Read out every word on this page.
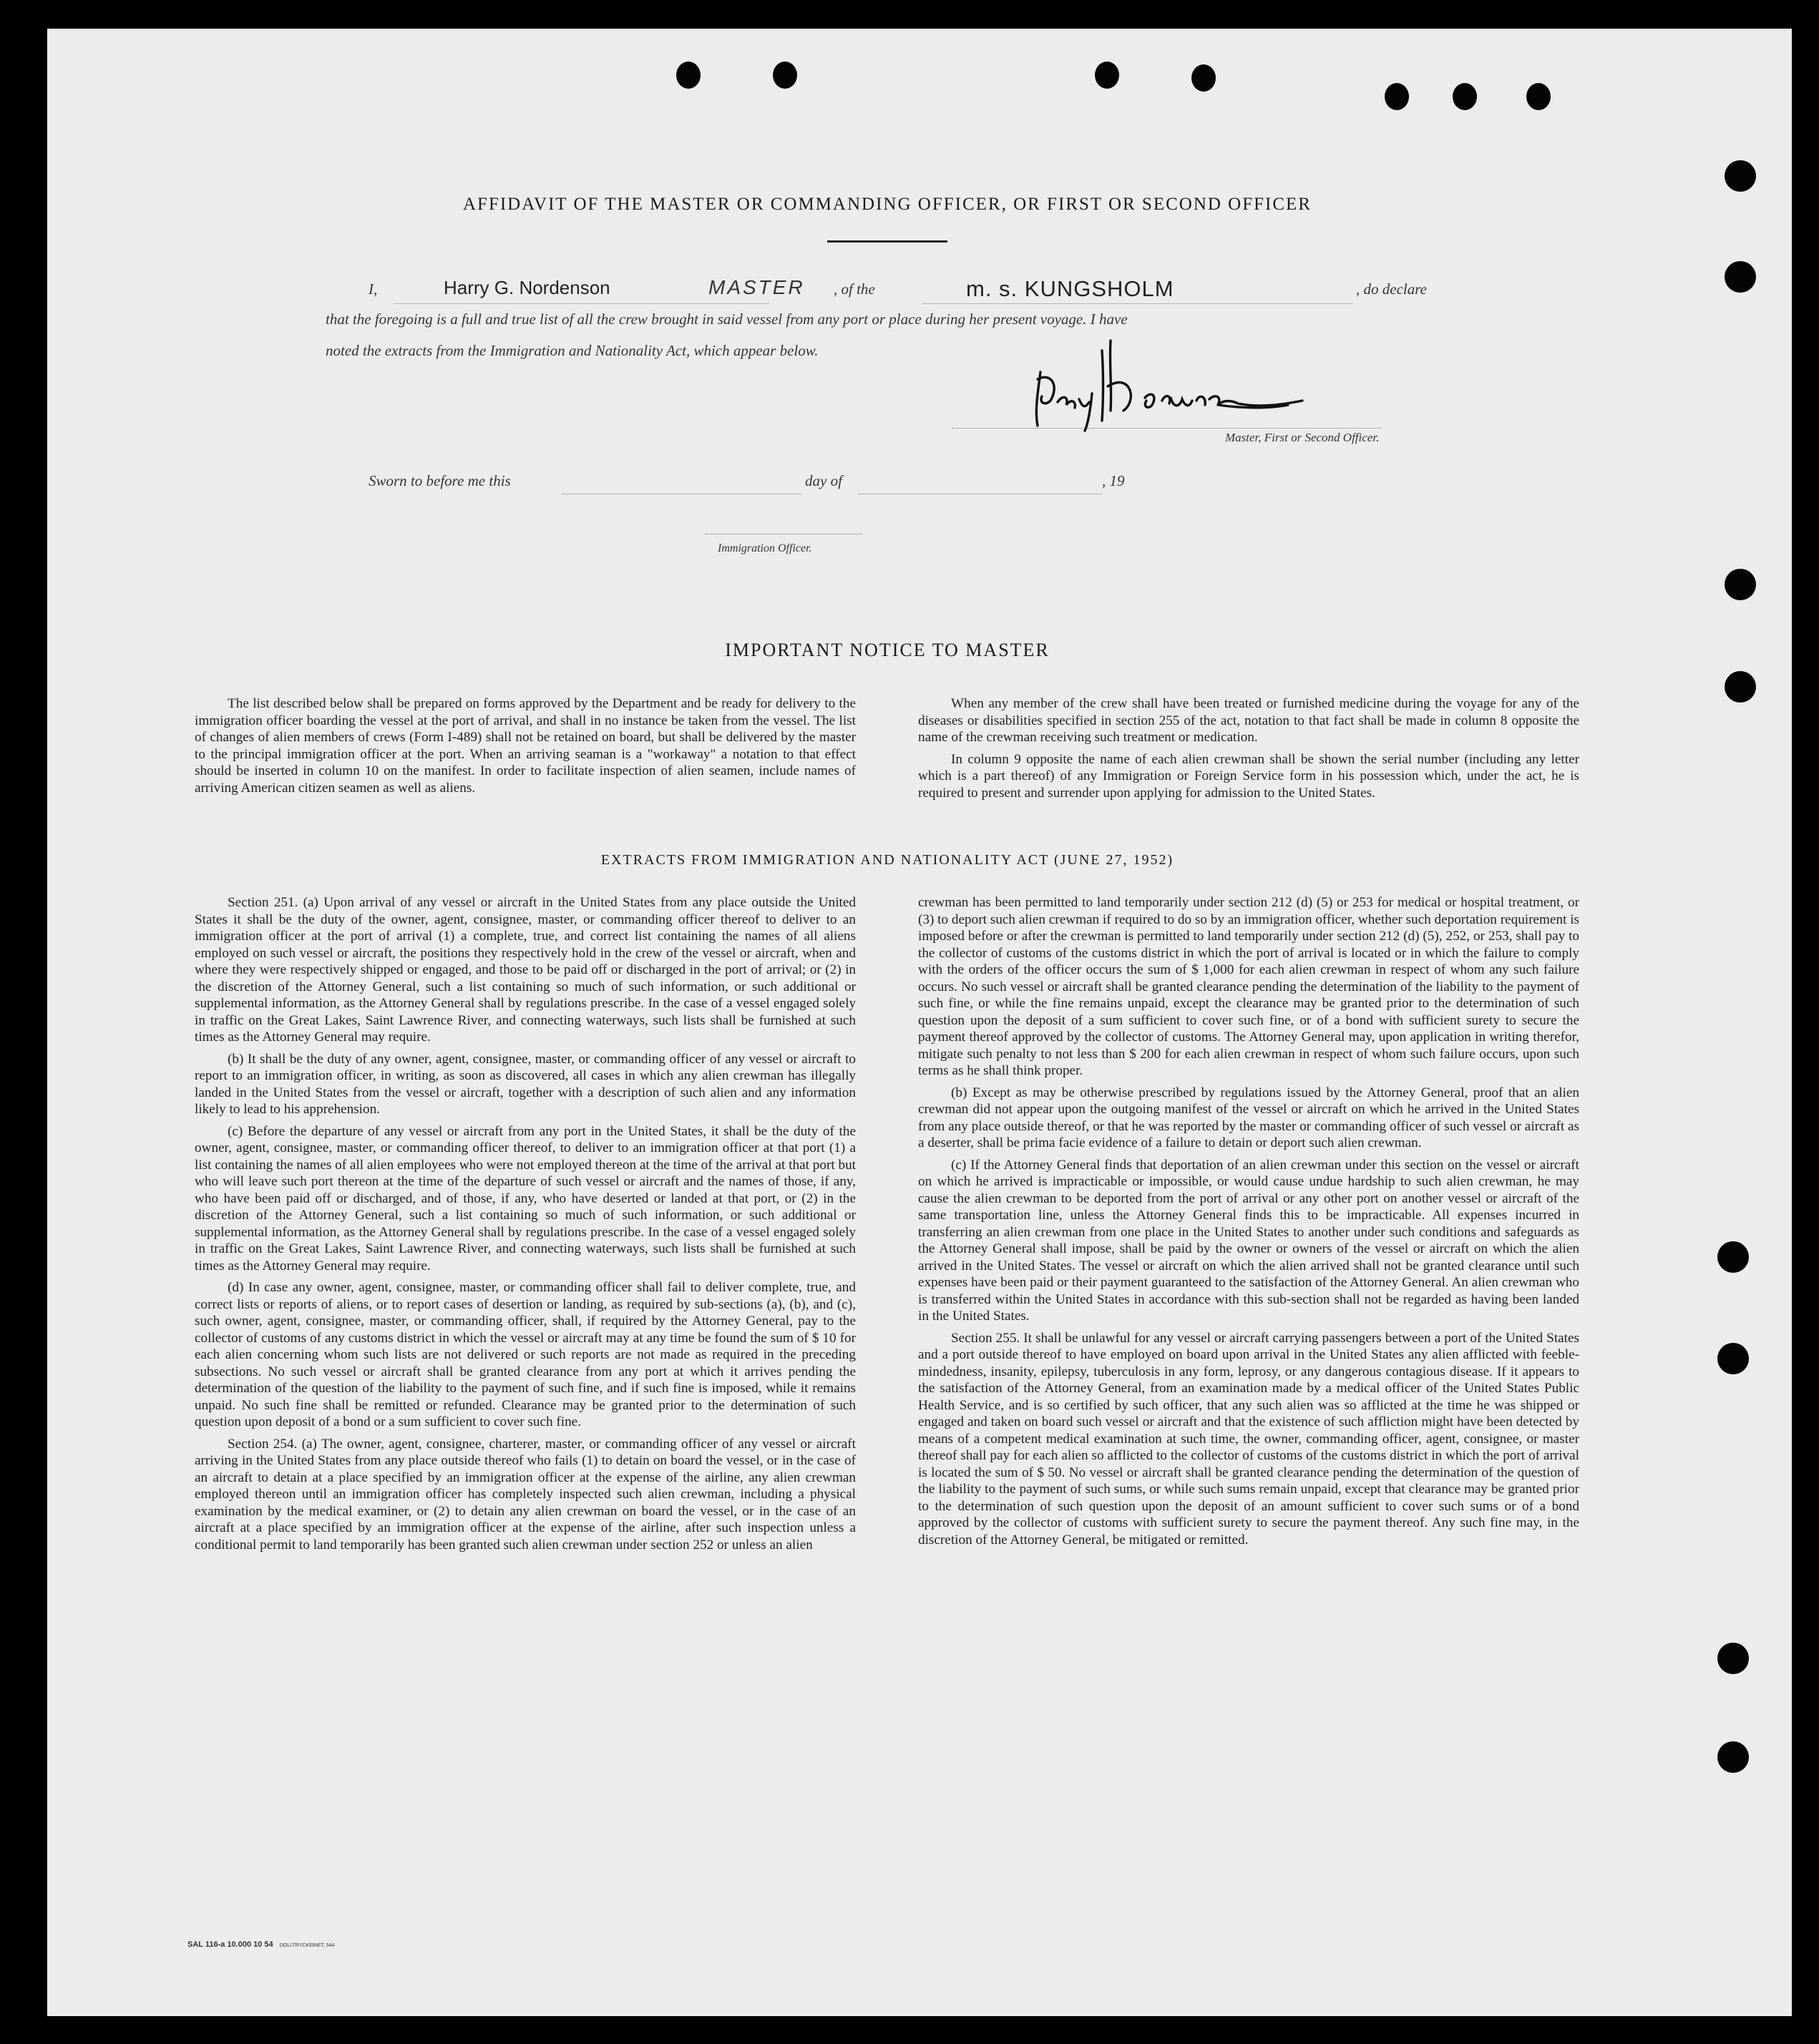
AFFIDAVIT OF THE MASTER OR COMMANDING OFFICER, OR FIRST OR SECOND OFFICER
I,	Harry G. Nordenson	MASTER , of the	m. s. KUNGSHOLM	, do declare
that the foregoing is a full and true list of all the crew brought in said vessel from any port or place during her present voyage. I have
noted the extracts from the Immigration and Nationality Act, which appear below.
Master, First or Second Officer.
Sworn to before me this	day of	, 19
Immigration Officer.
IMPORTANT NOTICE TO MASTER

The list described below shall be prepared on forms approved by the Department and be ready for delivery to the immigration officer boarding the vessel at the port of arrival, and shall in no instance be taken from the vessel. The list of changes of alien members of crews (Form I-489) shall not be retained on board, but shall be delivered by the master to the principal immigration officer at the port. When an arriving seaman is a "workaway" a notation to that effect should be inserted in column 10 on the manifest. In order to facilitate inspection of alien seamen, include names of arriving American citizen seamen as well as aliens.

When any member of the crew shall have been treated or furnished medicine during the voyage for any of the diseases or disabilities specified in section 255 of the act, notation to that fact shall be made in column 8 opposite the name of the crewman receiving such treatment or medication.

In column 9 opposite the name of each alien crewman shall be shown the serial number (including any letter which is a part thereof) of any Immigration or Foreign Service form in his possession which, under the act, he is required to present and surrender upon applying for admission to the United States.

EXTRACTS FROM IMMIGRATION AND NATIONALITY ACT (JUNE 27, 1952)

Section 251. (a) Upon arrival of any vessel or aircraft in the United States from any place outside the United States it shall be the duty of the owner, agent, consignee, master, or commanding officer thereof to deliver to an immigration officer at the port of arrival (1) a complete, true, and correct list containing the names of all aliens employed on such vessel or aircraft, the positions they respectively hold in the crew of the vessel or aircraft, when and where they were respectively shipped or engaged, and those to be paid off or discharged in the port of arrival; or (2) in the discretion of the Attorney General, such a list containing so much of such information, or such additional or supplemental information, as the Attorney General shall by regulations prescribe. In the case of a vessel engaged solely in traffic on the Great Lakes, Saint Lawrence River, and connecting waterways, such lists shall be furnished at such times as the Attorney General may require.

(b) It shall be the duty of any owner, agent, consignee, master, or commanding officer of any vessel or aircraft to report to an immigration officer, in writing, as soon as discovered, all cases in which any alien crewman has illegally landed in the United States from the vessel or aircraft, together with a description of such alien and any information likely to lead to his apprehension.

(c) Before the departure of any vessel or aircraft from any port in the United States, it shall be the duty of the owner, agent, consignee, master, or commanding officer thereof, to deliver to an immigration officer at that port (1) a list containing the names of all alien employees who were not employed thereon at the time of the arrival at that port but who will leave such port thereon at the time of the departure of such vessel or aircraft and the names of those, if any, who have been paid off or discharged, and of those, if any, who have deserted or landed at that port, or (2) in the discretion of the Attorney General, such a list containing so much of such information, or such additional or supplemental information, as the Attorney General shall by regulations prescribe. In the case of a vessel engaged solely in traffic on the Great Lakes, Saint Lawrence River, and connecting waterways, such lists shall be furnished at such times as the Attorney General may require.

(d) In case any owner, agent, consignee, master, or commanding officer shall fail to deliver complete, true, and correct lists or reports of aliens, or to report cases of desertion or landing, as required by sub-sections (a), (b), and (c), such owner, agent, consignee, master, or commanding officer, shall, if required by the Attorney General, pay to the collector of customs of any customs district in which the vessel or aircraft may at any time be found the sum of $ 10 for each alien concerning whom such lists are not delivered or such reports are not made as required in the preceding subsections. No such vessel or aircraft shall be granted clearance from any port at which it arrives pending the determination of the question of the liability to the payment of such fine, and if such fine is imposed, while it remains unpaid. No such fine shall be remitted or refunded. Clearance may be granted prior to the determination of such question upon deposit of a bond or a sum sufficient to cover such fine.

Section 254. (a) The owner, agent, consignee, charterer, master, or commanding officer of any vessel or aircraft arriving in the United States from any place outside thereof who fails (1) to detain on board the vessel, or in the case of an aircraft to detain at a place specified by an immigration officer at the expense of the airline, any alien crewman employed thereon until an immigration officer has completely inspected such alien crewman, including a physical examination by the medical examiner, or (2) to detain any alien crewman on board the vessel, or in the case of an aircraft at a place specified by an immigration officer at the expense of the airline, after such inspection unless a conditional permit to land temporarily has been granted such alien crewman under section 252 or unless an alien

crewman has been permitted to land temporarily under section 212 (d) (5) or 253 for medical or hospital treatment, or (3) to deport such alien crewman if required to do so by an immigration officer, whether such deportation requirement is imposed before or after the crewman is permitted to land temporarily under section 212 (d) (5), 252, or 253, shall pay to the collector of customs of the customs district in which the port of arrival is located or in which the failure to comply with the orders of the officer occurs the sum of $ 1,000 for each alien crewman in respect of whom any such failure occurs. No such vessel or aircraft shall be granted clearance pending the determination of the liability to the payment of such fine, or while the fine remains unpaid, except the clearance may be granted prior to the determination of such question upon the deposit of a sum sufficient to cover such fine, or of a bond with sufficient surety to secure the payment thereof approved by the collector of customs. The Attorney General may, upon application in writing therefor, mitigate such penalty to not less than $ 200 for each alien crewman in respect of whom such failure occurs, upon such terms as he shall think proper.

(b) Except as may be otherwise prescribed by regulations issued by the Attorney General, proof that an alien crewman did not appear upon the outgoing manifest of the vessel or aircraft on which he arrived in the United States from any place outside thereof, or that he was reported by the master or commanding officer of such vessel or aircraft as a deserter, shall be prima facie evidence of a failure to detain or deport such alien crewman.

(c) If the Attorney General finds that deportation of an alien crewman under this section on the vessel or aircraft on which he arrived is impracticable or impossible, or would cause undue hardship to such alien crewman, he may cause the alien crewman to be deported from the port of arrival or any other port on another vessel or aircraft of the same transportation line, unless the Attorney General finds this to be impracticable. All expenses incurred in transferring an alien crewman from one place in the United States to another under such conditions and safeguards as the Attorney General shall impose, shall be paid by the owner or owners of the vessel or aircraft on which the alien arrived in the United States. The vessel or aircraft on which the alien arrived shall not be granted clearance until such expenses have been paid or their payment guaranteed to the satisfaction of the Attorney General. An alien crewman who is transferred within the United States in accordance with this sub-section shall not be regarded as having been landed in the United States.

Section 255. It shall be unlawful for any vessel or aircraft carrying passengers between a port of the United States and a port outside thereof to have employed on board upon arrival in the United States any alien afflicted with feeble-mindedness, insanity, epilepsy, tuberculosis in any form, leprosy, or any dangerous contagious disease. If it appears to the satisfaction of the Attorney General, from an examination made by a medical officer of the United States Public Health Service, and is so certified by such officer, that any such alien was so afflicted at the time he was shipped or engaged and taken on board such vessel or aircraft and that the existence of such affliction might have been detected by means of a competent medical examination at such time, the owner, commanding officer, agent, consignee, or master thereof shall pay for each alien so afflicted to the collector of customs of the customs district in which the port of arrival is located the sum of $ 50. No vessel or aircraft shall be granted clearance pending the determination of the question of the liability to the payment of such sums, or while such sums remain unpaid, except that clearance may be granted prior to the determination of such question upon the deposit of an amount sufficient to cover such sums or of a bond approved by the collector of customs with sufficient surety to secure the payment thereof. Any such fine may, in the discretion of the Attorney General, be mitigated or remitted.

SAL 116-a 10.000 10 54 DOLLTRYCKERIET, 544
